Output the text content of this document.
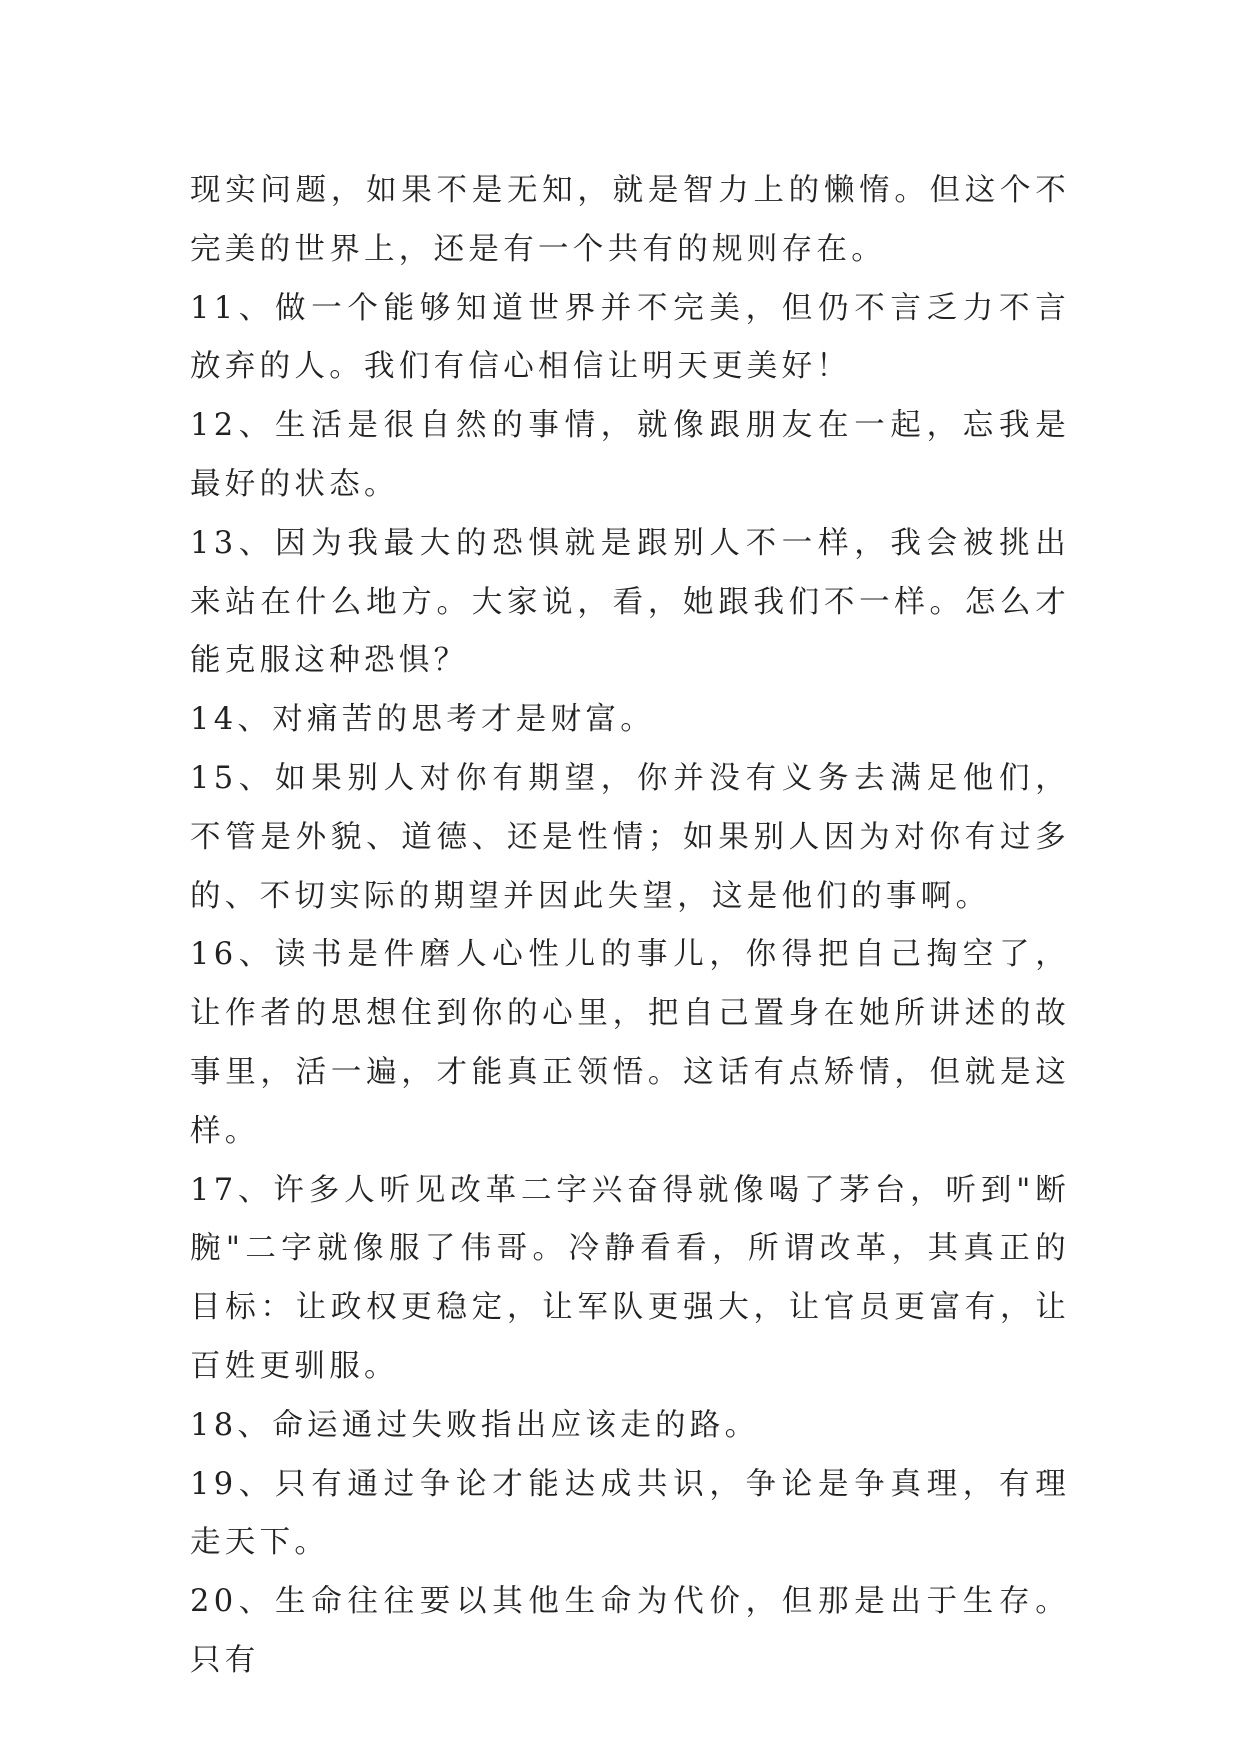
现实问题，如果不是无知，就是智力上的懒惰。但这个不完美的世界上，还是有一个共有的规则存在。

11、做一个能够知道世界并不完美，但仍不言乏力不言放弃的人。我们有信心相信让明天更美好！

12、生活是很自然的事情，就像跟朋友在一起，忘我是最好的状态。

13、因为我最大的恐惧就是跟别人不一样，我会被挑出来站在什么地方。大家说，看，她跟我们不一样。怎么才能克服这种恐惧？

14、对痛苦的思考才是财富。

15、如果别人对你有期望，你并没有义务去满足他们，不管是外貌、道德、还是性情；如果别人因为对你有过多的、不切实际的期望并因此失望，这是他们的事啊。

16、读书是件磨人心性儿的事儿，你得把自己掏空了，让作者的思想住到你的心里，把自己置身在她所讲述的故事里，活一遍，才能真正领悟。这话有点矫情，但就是这样。

17、许多人听见改革二字兴奋得就像喝了茅台，听到"断腕"二字就像服了伟哥。冷静看看，所谓改革，其真正的目标：让政权更稳定，让军队更强大，让官员更富有，让百姓更驯服。

18、命运通过失败指出应该走的路。

19、只有通过争论才能达成共识，争论是争真理，有理走天下。

20、生命往往要以其他生命为代价，但那是出于生存。只有
